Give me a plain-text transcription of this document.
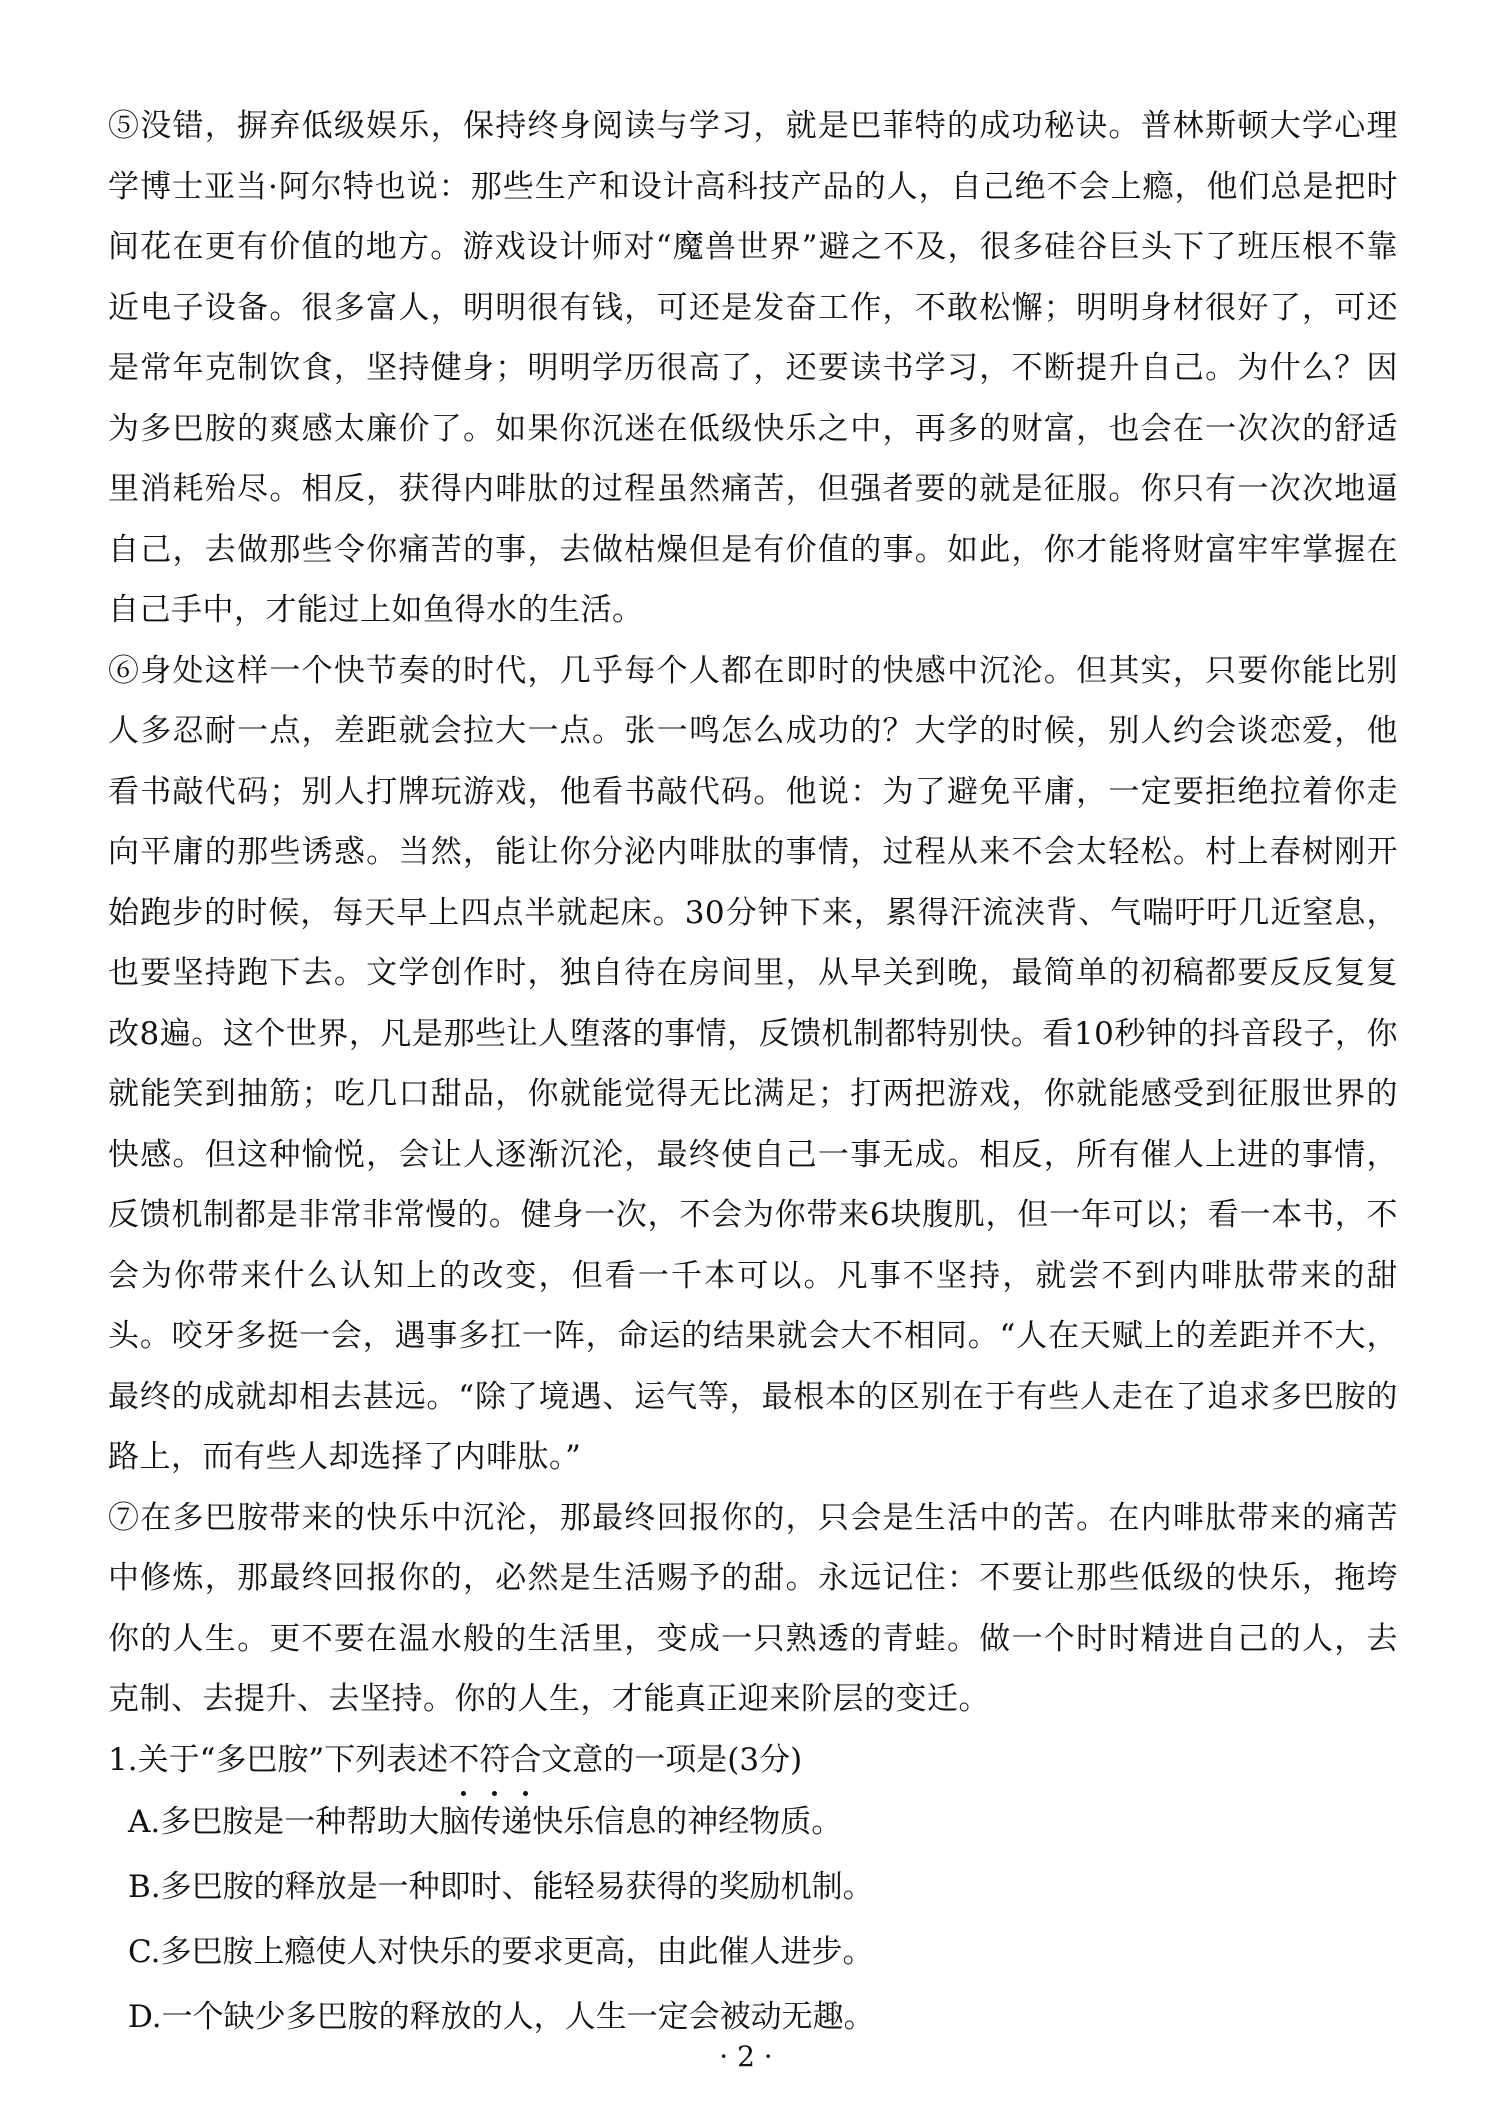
⑤没错，摒弃低级娱乐，保持终身阅读与学习，就是巴菲特的成功秘诀。普林斯顿大学心理学博士亚当·阿尔特也说：那些生产和设计高科技产品的人，自己绝不会上瘾，他们总是把时间花在更有价值的地方。游戏设计师对“魔兽世界”避之不及，很多硅谷巨头下了班压根不靠近电子设备。很多富人，明明很有钱，可还是发奋工作，不敢松懈；明明身材很好了，可还是常年克制饮食，坚持健身；明明学历很高了，还要读书学习，不断提升自己。为什么？因为多巴胺的爽感太廉价了。如果你沉迷在低级快乐之中，再多的财富，也会在一次次的舒适里消耗殆尽。相反，获得内啡肽的过程虽然痛苦，但强者要的就是征服。你只有一次次地逼自己，去做那些令你痛苦的事，去做枯燥但是有价值的事。如此，你才能将财富牢牢掌握在自己手中，才能过上如鱼得水的生活。

⑥身处这样一个快节奏的时代，几乎每个人都在即时的快感中沉沦。但其实，只要你能比别人多忍耐一点，差距就会拉大一点。张一鸣怎么成功的？大学的时候，别人约会谈恋爱，他看书敲代码；别人打牌玩游戏，他看书敲代码。他说：为了避免平庸，一定要拒绝拉着你走向平庸的那些诱惑。当然，能让你分泌内啡肽的事情，过程从来不会太轻松。村上春树刚开始跑步的时候，每天早上四点半就起床。30分钟下来，累得汗流浃背、气喘吁吁几近窒息，也要坚持跑下去。文学创作时，独自待在房间里，从早关到晚，最简单的初稿都要反反复复改8遍。这个世界，凡是那些让人堕落的事情，反馈机制都特别快。看10秒钟的抖音段子，你就能笑到抽筋；吃几口甜品，你就能觉得无比满足；打两把游戏，你就能感受到征服世界的快感。但这种愉悦，会让人逐渐沉沦，最终使自己一事无成。相反，所有催人上进的事情，反馈机制都是非常非常慢的。健身一次，不会为你带来6块腹肌，但一年可以；看一本书，不会为你带来什么认知上的改变，但看一千本可以。凡事不坚持，就尝不到内啡肽带来的甜头。咬牙多挺一会，遇事多扛一阵，命运的结果就会大不相同。“人在天赋上的差距并不大，最终的成就却相去甚远。“除了境遇、运气等，最根本的区别在于有些人走在了追求多巴胺的路上，而有些人却选择了内啡肽。”

⑦在多巴胺带来的快乐中沉沦，那最终回报你的，只会是生活中的苦。在内啡肽带来的痛苦中修炼，那最终回报你的，必然是生活赐予的甜。永远记住：不要让那些低级的快乐，拖垮你的人生。更不要在温水般的生活里，变成一只熟透的青蛙。做一个时时精进自己的人，去克制、去提升、去坚持。你的人生，才能真正迎来阶层的变迁。

1.关于“多巴胺”下列表述不符合文意的一项是(3分)

A.多巴胺是一种帮助大脑传递快乐信息的神经物质。

B.多巴胺的释放是一种即时、能轻易获得的奖励机制。

C.多巴胺上瘾使人对快乐的要求更高，由此催人进步。

D.一个缺少多巴胺的释放的人，人生一定会被动无趣。

· 2 ·
